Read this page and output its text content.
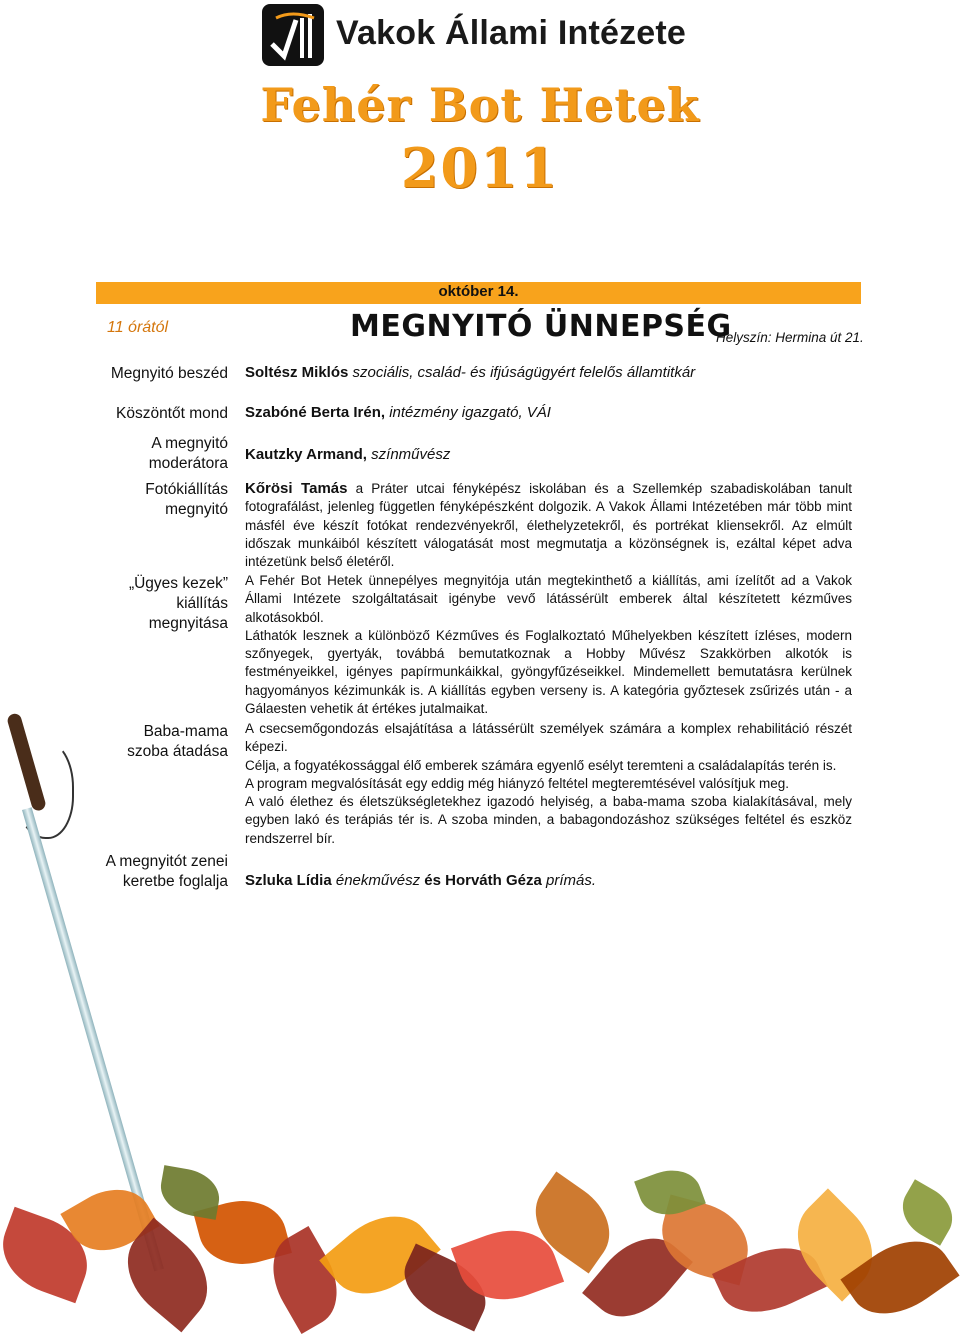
Vakok Állami Intézete
Fehér Bot Hetek
2011
október 14.
11 órától	MEGNYITÓ ÜNNEPSÉG
Helyszín: Hermina út 21.
Megnyitó beszéd
Köszöntőt mond
A megnyitó moderátora
Fotókiállítás megnyitó
„Ügyes kezek” kiállítás megnyitása
Baba-mama szoba átadása
A megnyitót zenei keretbe foglalja
Soltész Miklós szociális, család- és ifjúságügyért felelős államtitkár
Szabóné Berta Irén, intézmény igazgató, VÁI
Kautzky Armand, színművész
Kőrösi Tamás a Práter utcai fényképész iskolában és a Szellemkép szabadiskolában tanult fotografálást, jelenleg független fényképészként dolgozik. A Vakok Állami Intézetében már több mint másfél éve készít fotókat rendezvényekről, élethelyzetekről, és portrékat kliensekről. Az elmúlt időszak munkáiból készített válogatását most megmutatja a közönségnek is, ezáltal képet adva intézetünk belső életéről.

A Fehér Bot Hetek ünnepélyes megnyitója után megtekinthető a kiállítás, ami ízelítőt ad a Vakok Állami Intézete szolgáltatásait igénybe vevő látássérült emberek által készítetett kézműves alkotásokból.

Láthatók lesznek a különböző Kézműves és Foglalkoztató Műhelyekben készített ízléses, modern szőnyegek, gyertyák, továbbá bemutatkoznak a Hobby Művész Szakkörben alkotók is festményeikkel, igényes papírmunkáikkal, gyöngyfűzéseikkel. Mindemellett bemutatásra kerülnek hagyományos kézimunkák is. A kiállítás egyben verseny is. A kategória győztesek zsűrizés után - a Gálaesten vehetik át értékes jutalmaikat.

A csecsemőgondozás elsajátítása a látássérült személyek számára a komplex rehabilitáció részét képezi.

Célja, a fogyatékossággal élő emberek számára egyenlő esélyt teremteni a családalapítás terén is.

A program megvalósítását egy eddig még hiányzó feltétel megteremtésével valósítjuk meg.

A való élethez és életszükségletekhez igazodó helyiség, a baba-mama szoba kialakításával, mely egyben lakó és terápiás tér is. A szoba minden, a babagondozáshoz szükséges feltétel és eszköz rendszerrel bír.

Szluka Lídia énekművész és Horváth Géza prímás.
